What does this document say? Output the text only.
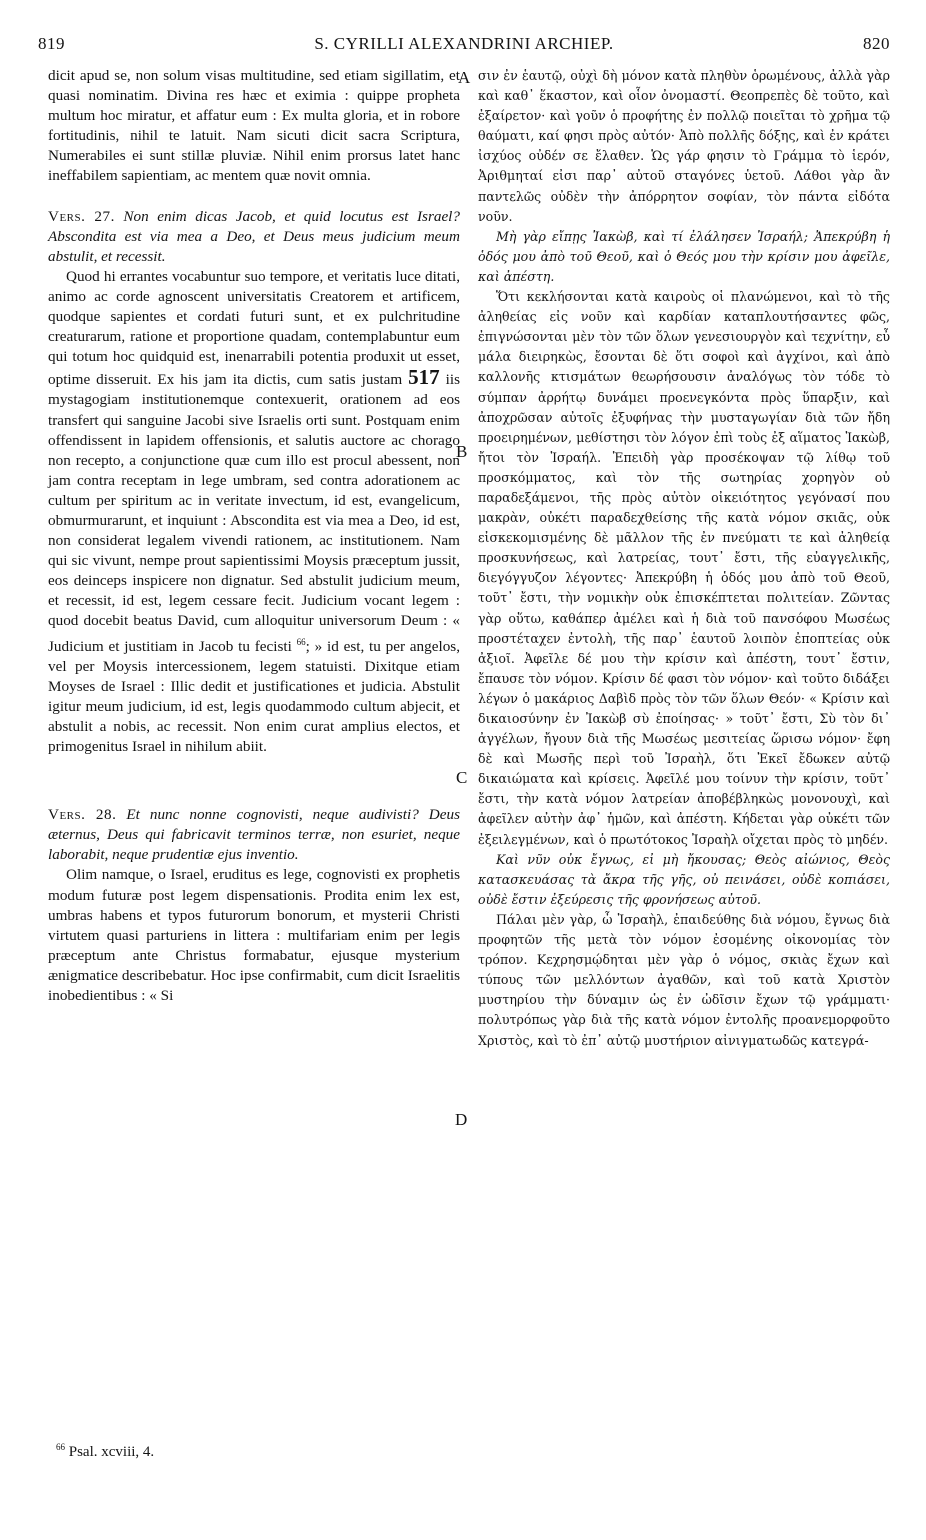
819	S. CYRILLI ALEXANDRINI ARCHIEP.	820

dicit apud se, non solum visas multitudine, sed etiam sigillatim, et quasi nominatim. Divina res hæc et eximia : quippe propheta multum hoc miratur, et affatur eum : Ex multa gloria, et in robore fortitudinis, nihil te latuit. Nam sicuti dicit sacra Scriptura, Numerabiles ei sunt stillæ pluviæ. Nihil enim prorsus latet hanc ineffabilem sapientiam, ac mentem quæ novit omnia.

Vers. 27. Non enim dicas Jacob, et quid locutus est Israel? Abscondita est via mea a Deo, et Deus meus judicium meum abstulit, et recessit.

Quod hi errantes vocabuntur suo tempore, et veritatis luce ditati, animo ac corde agnoscent universitatis Creatorem et artificem, quodque sapientes et cordati futuri sunt, et ex pulchritudine creaturarum, ratione et proportione quadam, contemplabuntur eum qui totum hoc quidquid est, inenarrabili potentia produxit ut esset, optime disseruit. Ex his jam ita dictis, cum satis justam 517 iis mystagogiam institutionemque contexuerit, orationem ad eos transfert qui sanguine Jacobi sive Israelis orti sunt. Postquam enim offendissent in lapidem offensionis, et salutis auctore ac chorago non recepto, a conjunctione quæ cum illo est procul abessent, non jam contra receptam in lege umbram, sed contra adorationem ac cultum per spiritum ac in veritate invectum, id est, evangelicum, obmurmurarunt, et inquiunt : Abscondita est via mea a Deo, id est, non considerat legalem vivendi rationem, ac institutionem. Nam qui sic vivunt, nempe prout sapientissimi Moysis præceptum jussit, eos deinceps inspicere non dignatur. Sed abstulit judicium meum, et recessit, id est, legem cessare fecit. Judicium vocant legem : quod docebit beatus David, cum alloquitur universorum Deum : « Judicium et justitiam in Jacob tu fecisti $^{66}$; » id est, tu per angelos, vel per Moysis intercessionem, legem statuisti. Dixitque etiam Moyses de Israel : Illic dedit et justificationes et judicia. Abstulit igitur meum judicium, id est, legis quodammodo cultum abjecit, et abstulit a nobis, ac recessit. Non enim curat amplius electos, et primogenitus Israel in nihilum abiit.

Vers. 28. Et nunc nonne cognovisti, neque audivisti? Deus æternus, Deus qui fabricavit terminos terræ, non esuriet, neque laborabit, neque prudentiæ ejus inventio.

Olim namque, o Israel, eruditus es lege, cognovisti ex prophetis modum futuræ post legem dispensationis. Prodita enim lex est, umbras habens et typos futurorum bonorum, et mysterii Christi virtutem quasi parturiens in littera : multifariam enim per legis præceptum ante Christus formabatur, ejusque mysterium ænigmatice describebatur. Hoc ipse confirmabit, cum dicit Israelitis inobedientibus : « Si

A
B
C
D

σιν ἐν ἑαυτῷ, οὐχὶ δὴ μόνον κατὰ πληθὺν ὁρωμένους, ἀλλὰ γὰρ καὶ καθ᾽ ἕκαστον, καὶ οἷον ὀνομαστί. Θεοπρεπὲς δὲ τοῦτο, καὶ ἐξαίρετον· καὶ γοῦν ὁ προφήτης ἐν πολλῷ ποιεῖται τὸ χρῆμα τῷ θαύματι, καί φησι πρὸς αὐτόν· Ἀπὸ πολλῆς δόξης, καὶ ἐν κράτει ἰσχύος οὐδέν σε ἔλαθεν. Ὡς γάρ φησιν τὸ Γράμμα τὸ ἱερόν, Ἀριθμηταί εἰσι παρ᾽ αὐτοῦ σταγόνες ὑετοῦ. Λάθοι γὰρ ἂν παντελῶς οὐδὲν τὴν ἀπόρρητον σοφίαν, τὸν πάντα εἰδότα νοῦν.

Μὴ γὰρ εἴπῃς Ἰακὼβ, καὶ τί ἐλάλησεν Ἰσραήλ; Ἀπεκρύβη ἡ ὁδός μου ἀπὸ τοῦ Θεοῦ, καὶ ὁ Θεός μου τὴν κρίσιν μου ἀφεῖλε, καὶ ἀπέστη.

Ὅτι κεκλήσονται κατὰ καιροὺς οἱ πλανώμενοι, καὶ τὸ τῆς ἀληθείας εἰς νοῦν καὶ καρδίαν καταπλουτήσαντες φῶς, ἐπιγνώσονται μὲν τὸν τῶν ὅλων γενεσιουργὸν καὶ τεχνίτην, εὖ μάλα διειρηκὼς, ἔσονται δὲ ὅτι σοφοὶ καὶ ἀγχίνοι, καὶ ἀπὸ καλλονῆς κτισμάτων θεωρήσουσιν ἀναλόγως τὸν τόδε τὸ σύμπαν ἀρρήτῳ δυνάμει προενεγκόντα πρὸς ὕπαρξιν, καὶ ἀποχρῶσαν αὐτοῖς ἐξυφήνας τὴν μυσταγωγίαν διὰ τῶν ἤδη προειρημένων, μεθίστησι τὸν λόγον ἐπὶ τοὺς ἐξ αἵματος Ἰακὼβ, ἤτοι τὸν Ἰσραήλ. Ἐπειδὴ γὰρ προσέκοψαν τῷ λίθῳ τοῦ προσκόμματος, καὶ τὸν τῆς σωτηρίας χορηγὸν οὐ παραδεξάμενοι, τῆς πρὸς αὐτὸν οἰκειότητος γεγόνασί που μακρὰν, οὐκέτι παραδεχθείσης τῆς κατὰ νόμον σκιᾶς, οὐκ εἰσκεκομισμένης δὲ μᾶλλον τῆς ἐν πνεύματι τε καὶ ἀληθείᾳ προσκυνήσεως, καὶ λατρείας, τουτ᾽ ἔστι, τῆς εὐαγγελικῆς, διεγόγγυζον λέγοντες· Ἀπεκρύβη ἡ ὁδός μου ἀπὸ τοῦ Θεοῦ, τοῦτ᾽ ἔστι, τὴν νομικὴν οὐκ ἐπισκέπτεται πολιτείαν. Ζῶντας γὰρ οὕτω, καθάπερ ἀμέλει καὶ ἡ διὰ τοῦ πανσόφου Μωσέως προστέταχεν ἐντολὴ, τῆς παρ᾽ ἑαυτοῦ λοιπὸν ἐποπτείας οὐκ ἀξιοῖ. Ἀφεῖλε δέ μου τὴν κρίσιν καὶ ἀπέστη, τουτ᾽ ἔστιν, ἔπαυσε τὸν νόμον. Κρίσιν δέ φασι τὸν νόμον· καὶ τοῦτο διδάξει λέγων ὁ μακάριος Δαβὶδ πρὸς τὸν τῶν ὅλων Θεόν· « Κρίσιν καὶ δικαιοσύνην ἐν Ἰακὼβ σὺ ἐποίησας· » τοῦτ᾽ ἔστι, Σὺ τὸν δι᾽ ἀγγέλων, ἤγουν διὰ τῆς Μωσέως μεσιτείας ὥρισω νόμον· ἔφη δὲ καὶ Μωσῆς περὶ τοῦ Ἰσραὴλ, ὅτι Ἐκεῖ ἔδωκεν αὐτῷ δικαιώματα καὶ κρίσεις. Ἀφεῖλέ μου τοίνυν τὴν κρίσιν, τοῦτ᾽ ἔστι, τὴν κατὰ νόμον λατρείαν ἀποβέβληκὼς μονονουχὶ, καὶ ἀφεῖλεν αὐτὴν ἀφ᾽ ἡμῶν, καὶ ἀπέστη. Κήδεται γὰρ οὐκέτι τῶν ἐξειλεγμένων, καὶ ὁ πρωτότοκος Ἰσραὴλ οἴχεται πρὸς τὸ μηδέν.

Καὶ νῦν οὐκ ἔγνως, εἰ μὴ ἤκουσας; Θεὸς αἰώνιος, Θεὸς κατασκευάσας τὰ ἄκρα τῆς γῆς, οὐ πεινάσει, οὐδὲ κοπιάσει, οὐδὲ ἔστιν ἐξεύρεσις τῆς φρονήσεως αὐτοῦ.

Πάλαι μὲν γὰρ, ὦ Ἰσραὴλ, ἐπαιδεύθης διὰ νόμου, ἔγνως διὰ προφητῶν τῆς μετὰ τὸν νόμον ἐσομένης οἰκονομίας τὸν τρόπον. Κεχρησμῴδηται μὲν γὰρ ὁ νόμος, σκιὰς ἔχων καὶ τύπους τῶν μελλόντων ἀγαθῶν, καὶ τοῦ κατὰ Χριστὸν μυστηρίου τὴν δύναμιν ὡς ἐν ὠδῖσιν ἔχων τῷ γράμματι· πολυτρόπως γὰρ διὰ τῆς κατὰ νόμον ἐντολῆς προανεμορφοῦτο Χριστὸς, καὶ τὸ ἐπ᾽ αὐτῷ μυστήριον αἰνιγματωδῶς κατεγρά-

$^{66}$ Psal. xcviii, 4.
